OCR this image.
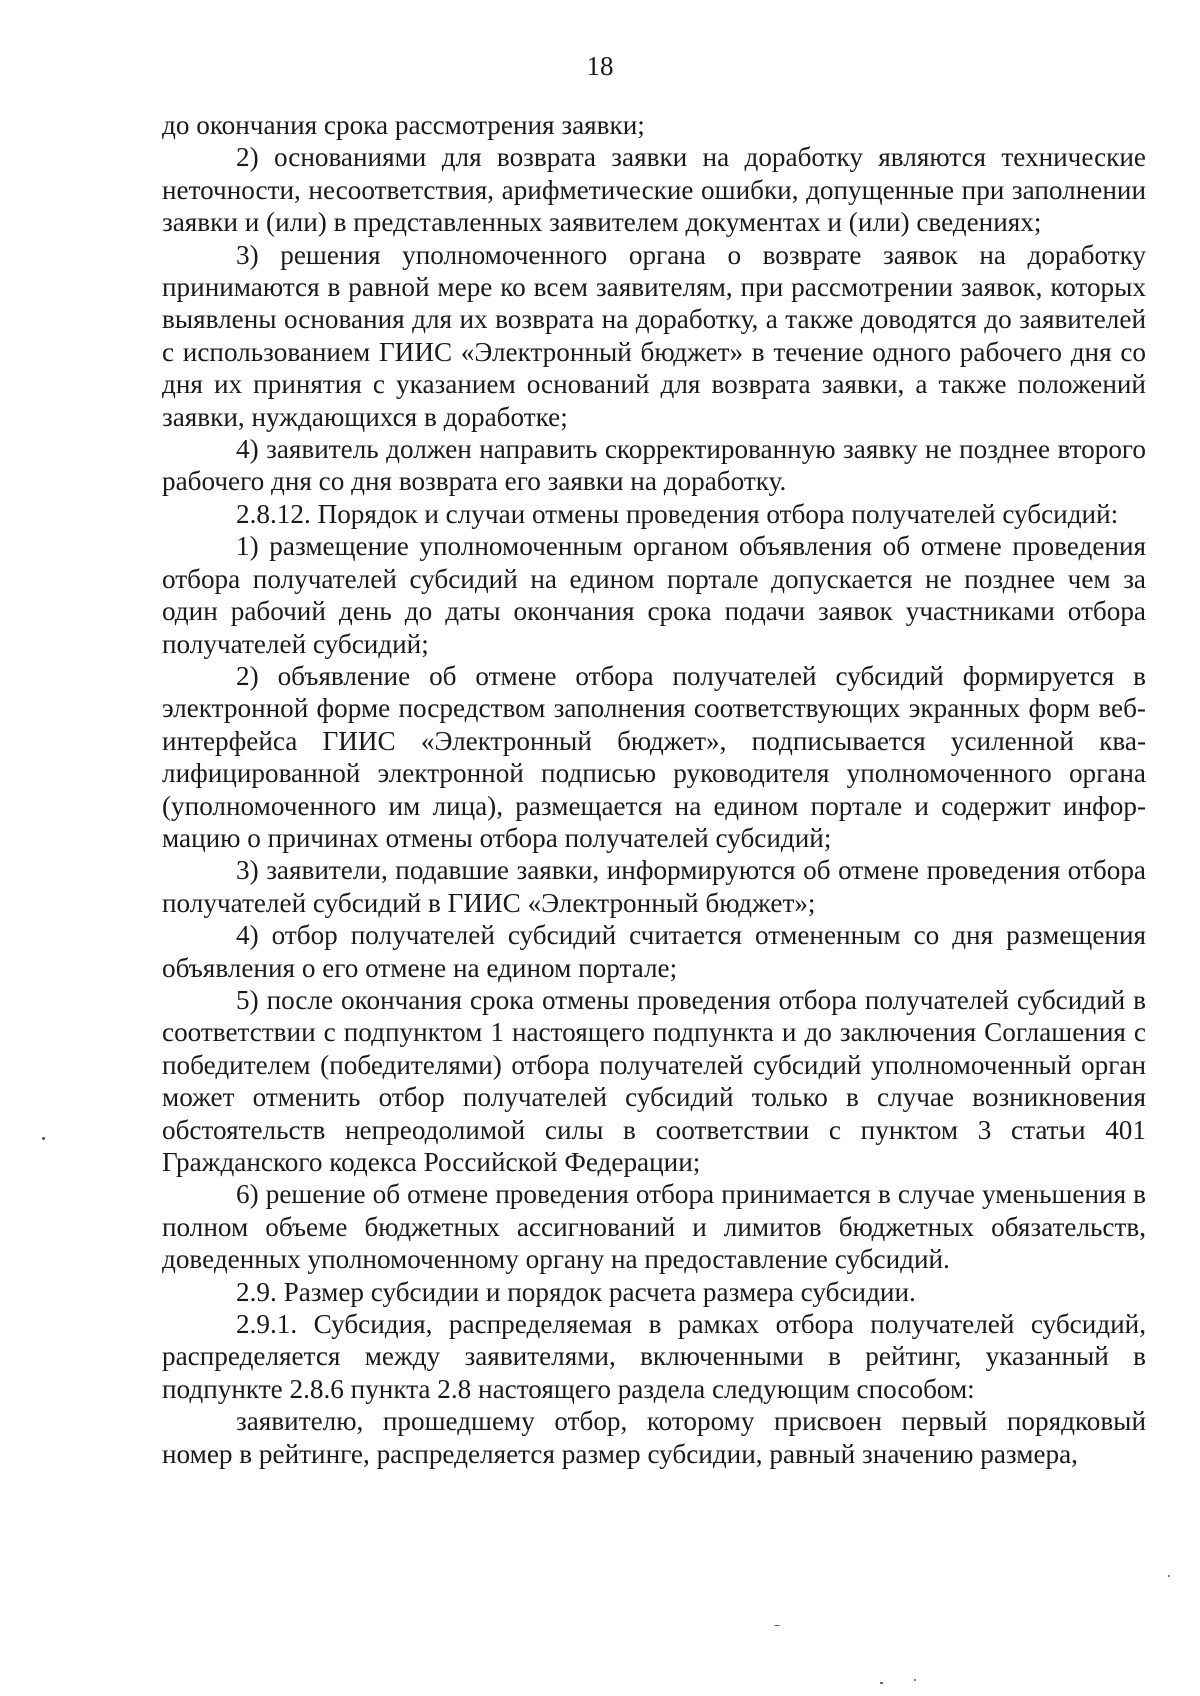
18

до окончания срока рассмотрения заявки;

2) основаниями для возврата заявки на доработку являются технические неточности, несоответствия, арифметические ошибки, допущенные при заполнении заявки и (или) в представленных заявителем документах и (или) сведениях;

3) решения уполномоченного органа о возврате заявок на доработку принимаются в равной мере ко всем заявителям, при рассмотрении заявок, которых выявлены основания для их возврата на доработку, а также доводятся до заявителей с использованием ГИИС «Электронный бюджет» в течение одного рабочего дня со дня их принятия с указанием оснований для возврата заявки, а также положений заявки, нуждающихся в доработке;

4) заявитель должен направить скорректированную заявку не позднее второго рабочего дня со дня возврата его заявки на доработку.

2.8.12. Порядок и случаи отмены проведения отбора получателей субсидий:

1) размещение уполномоченным органом объявления об отмене проведения отбора получателей субсидий на едином портале допускается не позднее чем за один рабочий день до даты окончания срока подачи заявок участниками отбора получателей субсидий;

2) объявление об отмене отбора получателей субсидий формируется в электронной форме посредством заполнения соответствующих экранных форм веб-интерфейса ГИИС «Электронный бюджет», подписывается усиленной квалифицированной электронной подписью руководителя уполномоченного органа (уполномоченного им лица), размещается на едином портале и содержит информацию о причинах отмены отбора получателей субсидий;

3) заявители, подавшие заявки, информируются об отмене проведения отбора получателей субсидий в ГИИС «Электронный бюджет»;

4) отбор получателей субсидий считается отмененным со дня размещения объявления о его отмене на едином портале;

5) после окончания срока отмены проведения отбора получателей субсидий в соответствии с подпунктом 1 настоящего подпункта и до заключения Соглашения с победителем (победителями) отбора получателей субсидий уполномоченный орган может отменить отбор получателей субсидий только в случае возникновения обстоятельств непреодолимой силы в соответствии с пунктом 3 статьи 401 Гражданского кодекса Российской Федерации;

6) решение об отмене проведения отбора принимается в случае уменьшения в полном объеме бюджетных ассигнований и лимитов бюджетных обязательств, доведенных уполномоченному органу на предоставление субсидий.

2.9. Размер субсидии и порядок расчета размера субсидии.

2.9.1. Субсидия, распределяемая в рамках отбора получателей субсидий, распределяется между заявителями, включенными в рейтинг, указанный в подпункте 2.8.6 пункта 2.8 настоящего раздела следующим способом:

заявителю, прошедшему отбор, которому присвоен первый порядковый номер в рейтинге, распределяется размер субсидии, равный значению размера,
